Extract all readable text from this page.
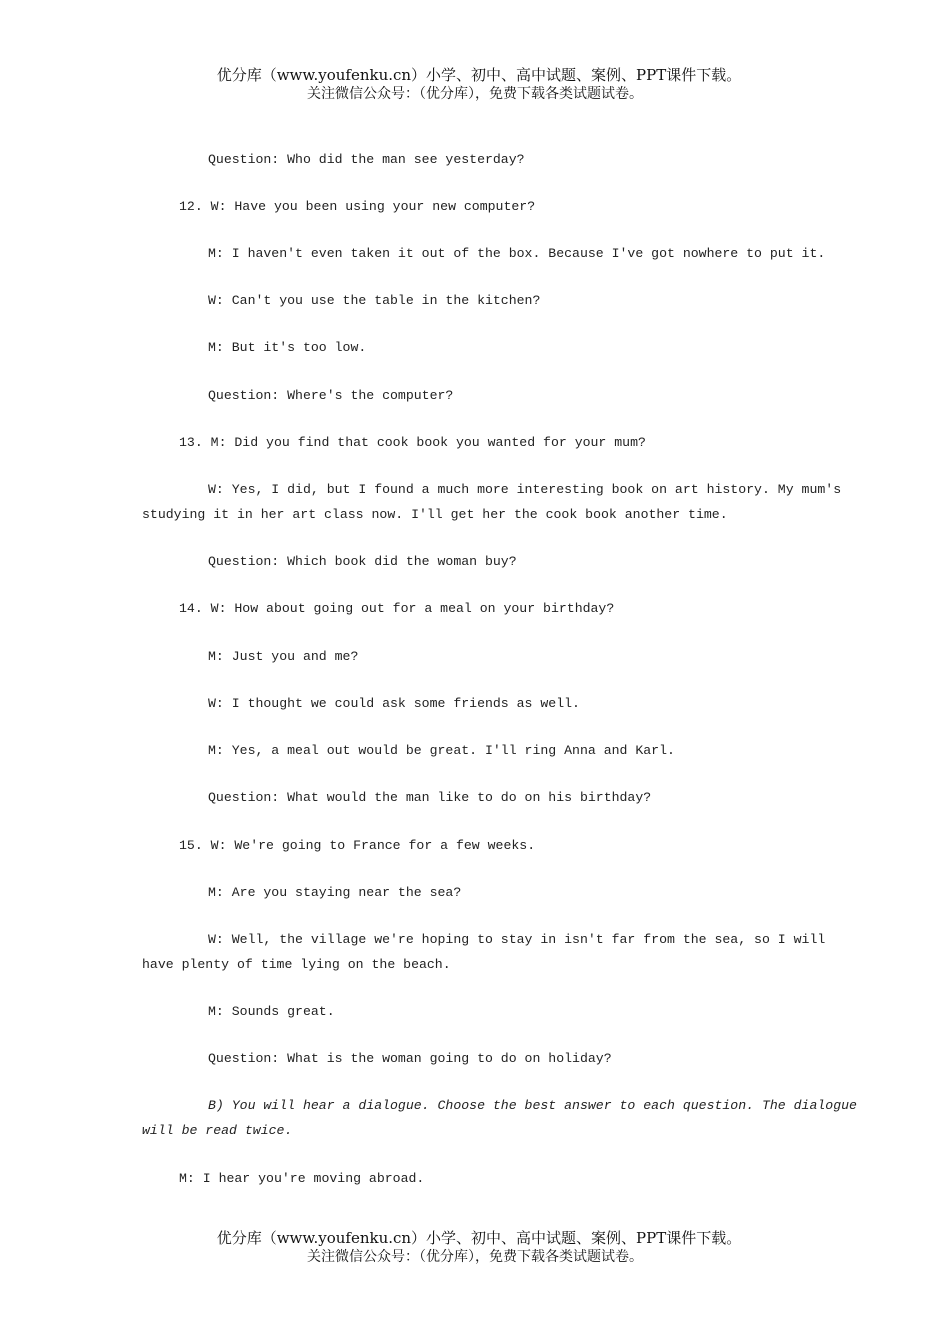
优分库（www.youfenku.cn）小学、初中、高中试题、案例、PPT课件下载。
关注微信公众号：（优分库），免费下载各类试题试卷。
Question: Who did the man see yesterday?
12. W: Have you been using your new computer?
M: I haven't even taken it out of the box. Because I've got nowhere to put it.
W: Can't you use the table in the kitchen?
M: But it's too low.
Question: Where's the computer?
13. M: Did you find that cook book you wanted for your mum?
W: Yes, I did, but I found a much more interesting book on art history. My mum's
studying it in her art class now. I'll get her the cook book another time.
Question: Which book did the woman buy?
14. W: How about going out for a meal on your birthday?
M: Just you and me?
W: I thought we could ask some friends as well.
M: Yes, a meal out would be great. I'll ring Anna and Karl.
Question: What would the man like to do on his birthday?
15. W: We're going to France for a few weeks.
M: Are you staying near the sea?
W: Well, the village we're hoping to stay in isn't far from the sea, so I will
have plenty of time lying on the beach.
M: Sounds great.
Question: What is the woman going to do on holiday?
B) You will hear a dialogue. Choose the best answer to each question. The dialogue
will be read twice.
M: I hear you're moving abroad.
优分库（www.youfenku.cn）小学、初中、高中试题、案例、PPT课件下载。
关注微信公众号：（优分库），免费下载各类试题试卷。
